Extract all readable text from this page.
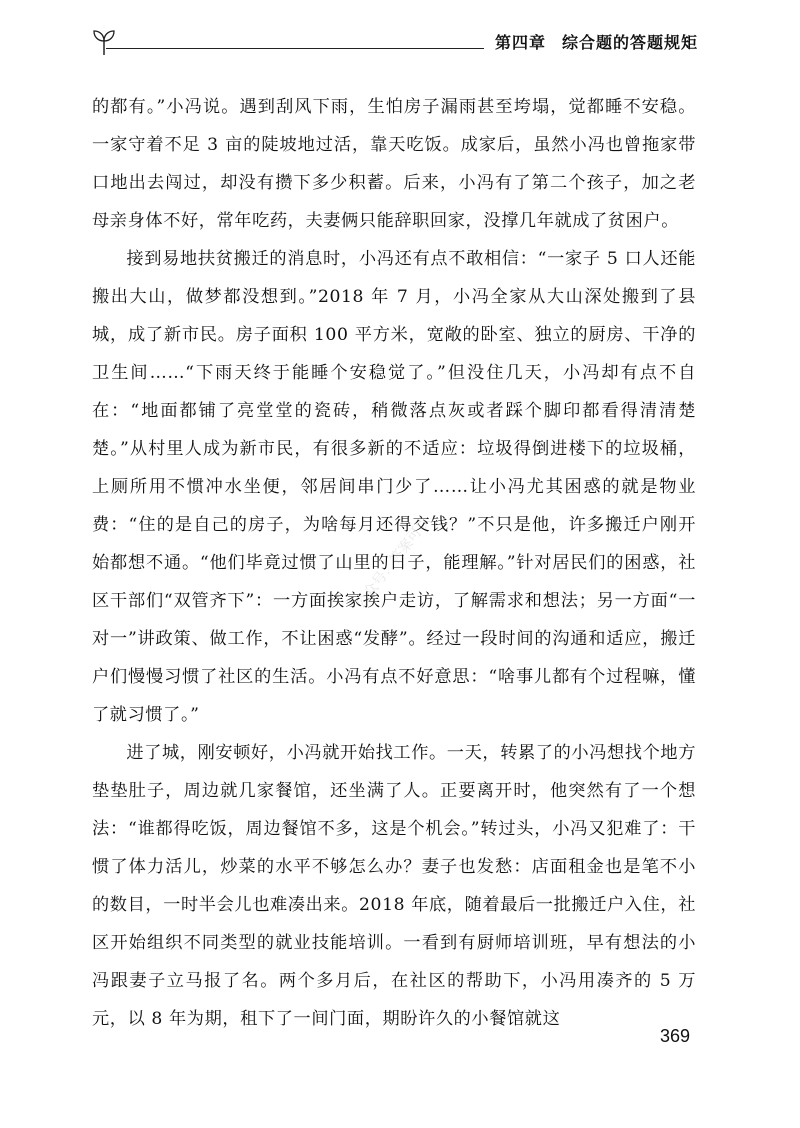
第四章 综合题的答题规矩

的都有。”小冯说。遇到刮风下雨，生怕房子漏雨甚至垮塌，觉都睡不安稳。一家守着不足 3 亩的陡坡地过活，靠天吃饭。成家后，虽然小冯也曾拖家带口地出去闯过，却没有攒下多少积蓄。后来，小冯有了第二个孩子，加之老母亲身体不好，常年吃药，夫妻俩只能辞职回家，没撑几年就成了贫困户。

接到易地扶贫搬迁的消息时，小冯还有点不敢相信：“一家子 5 口人还能搬出大山，做梦都没想到。”2018 年 7 月，小冯全家从大山深处搬到了县城，成了新市民。房子面积 100 平方米，宽敞的卧室、独立的厨房、干净的卫生间……“下雨天终于能睡个安稳觉了。”但没住几天，小冯却有点不自在：“地面都铺了亮堂堂的瓷砖，稍微落点灰或者踩个脚印都看得清清楚楚。”从村里人成为新市民，有很多新的不适应：垃圾得倒进楼下的垃圾桶，上厕所用不惯冲水坐便，邻居间串门少了……让小冯尤其困惑的就是物业费：“住的是自己的房子，为啥每月还得交钱？”不只是他，许多搬迁户刚开始都想不通。“他们毕竟过惯了山里的日子，能理解。”针对居民们的困惑，社区干部们“双管齐下”：一方面挨家挨户走访，了解需求和想法；另一方面“一对一”讲政策、做工作，不让困惑“发酵”。经过一段时间的沟通和适应，搬迁户们慢慢习惯了社区的生活。小冯有点不好意思：“啥事儿都有个过程嘛，懂了就习惯了。”

进了城，刚安顿好，小冯就开始找工作。一天，转累了的小冯想找个地方垫垫肚子，周边就几家餐馆，还坐满了人。正要离开时，他突然有了一个想法：“谁都得吃饭，周边餐馆不多，这是个机会。”转过头，小冯又犯难了：干惯了体力活儿，炒菜的水平不够怎么办？妻子也发愁：店面租金也是笔不小的数目，一时半会儿也难凑出来。2018 年底，随着最后一批搬迁户入住，社区开始组织不同类型的就业技能培训。一看到有厨师培训班，早有想法的小冯跟妻子立马报了名。两个多月后，在社区的帮助下，小冯用凑齐的 5 万元，以 8 年为期，租下了一间门面，期盼许久的小餐馆就这

公众号：答案可以
369
